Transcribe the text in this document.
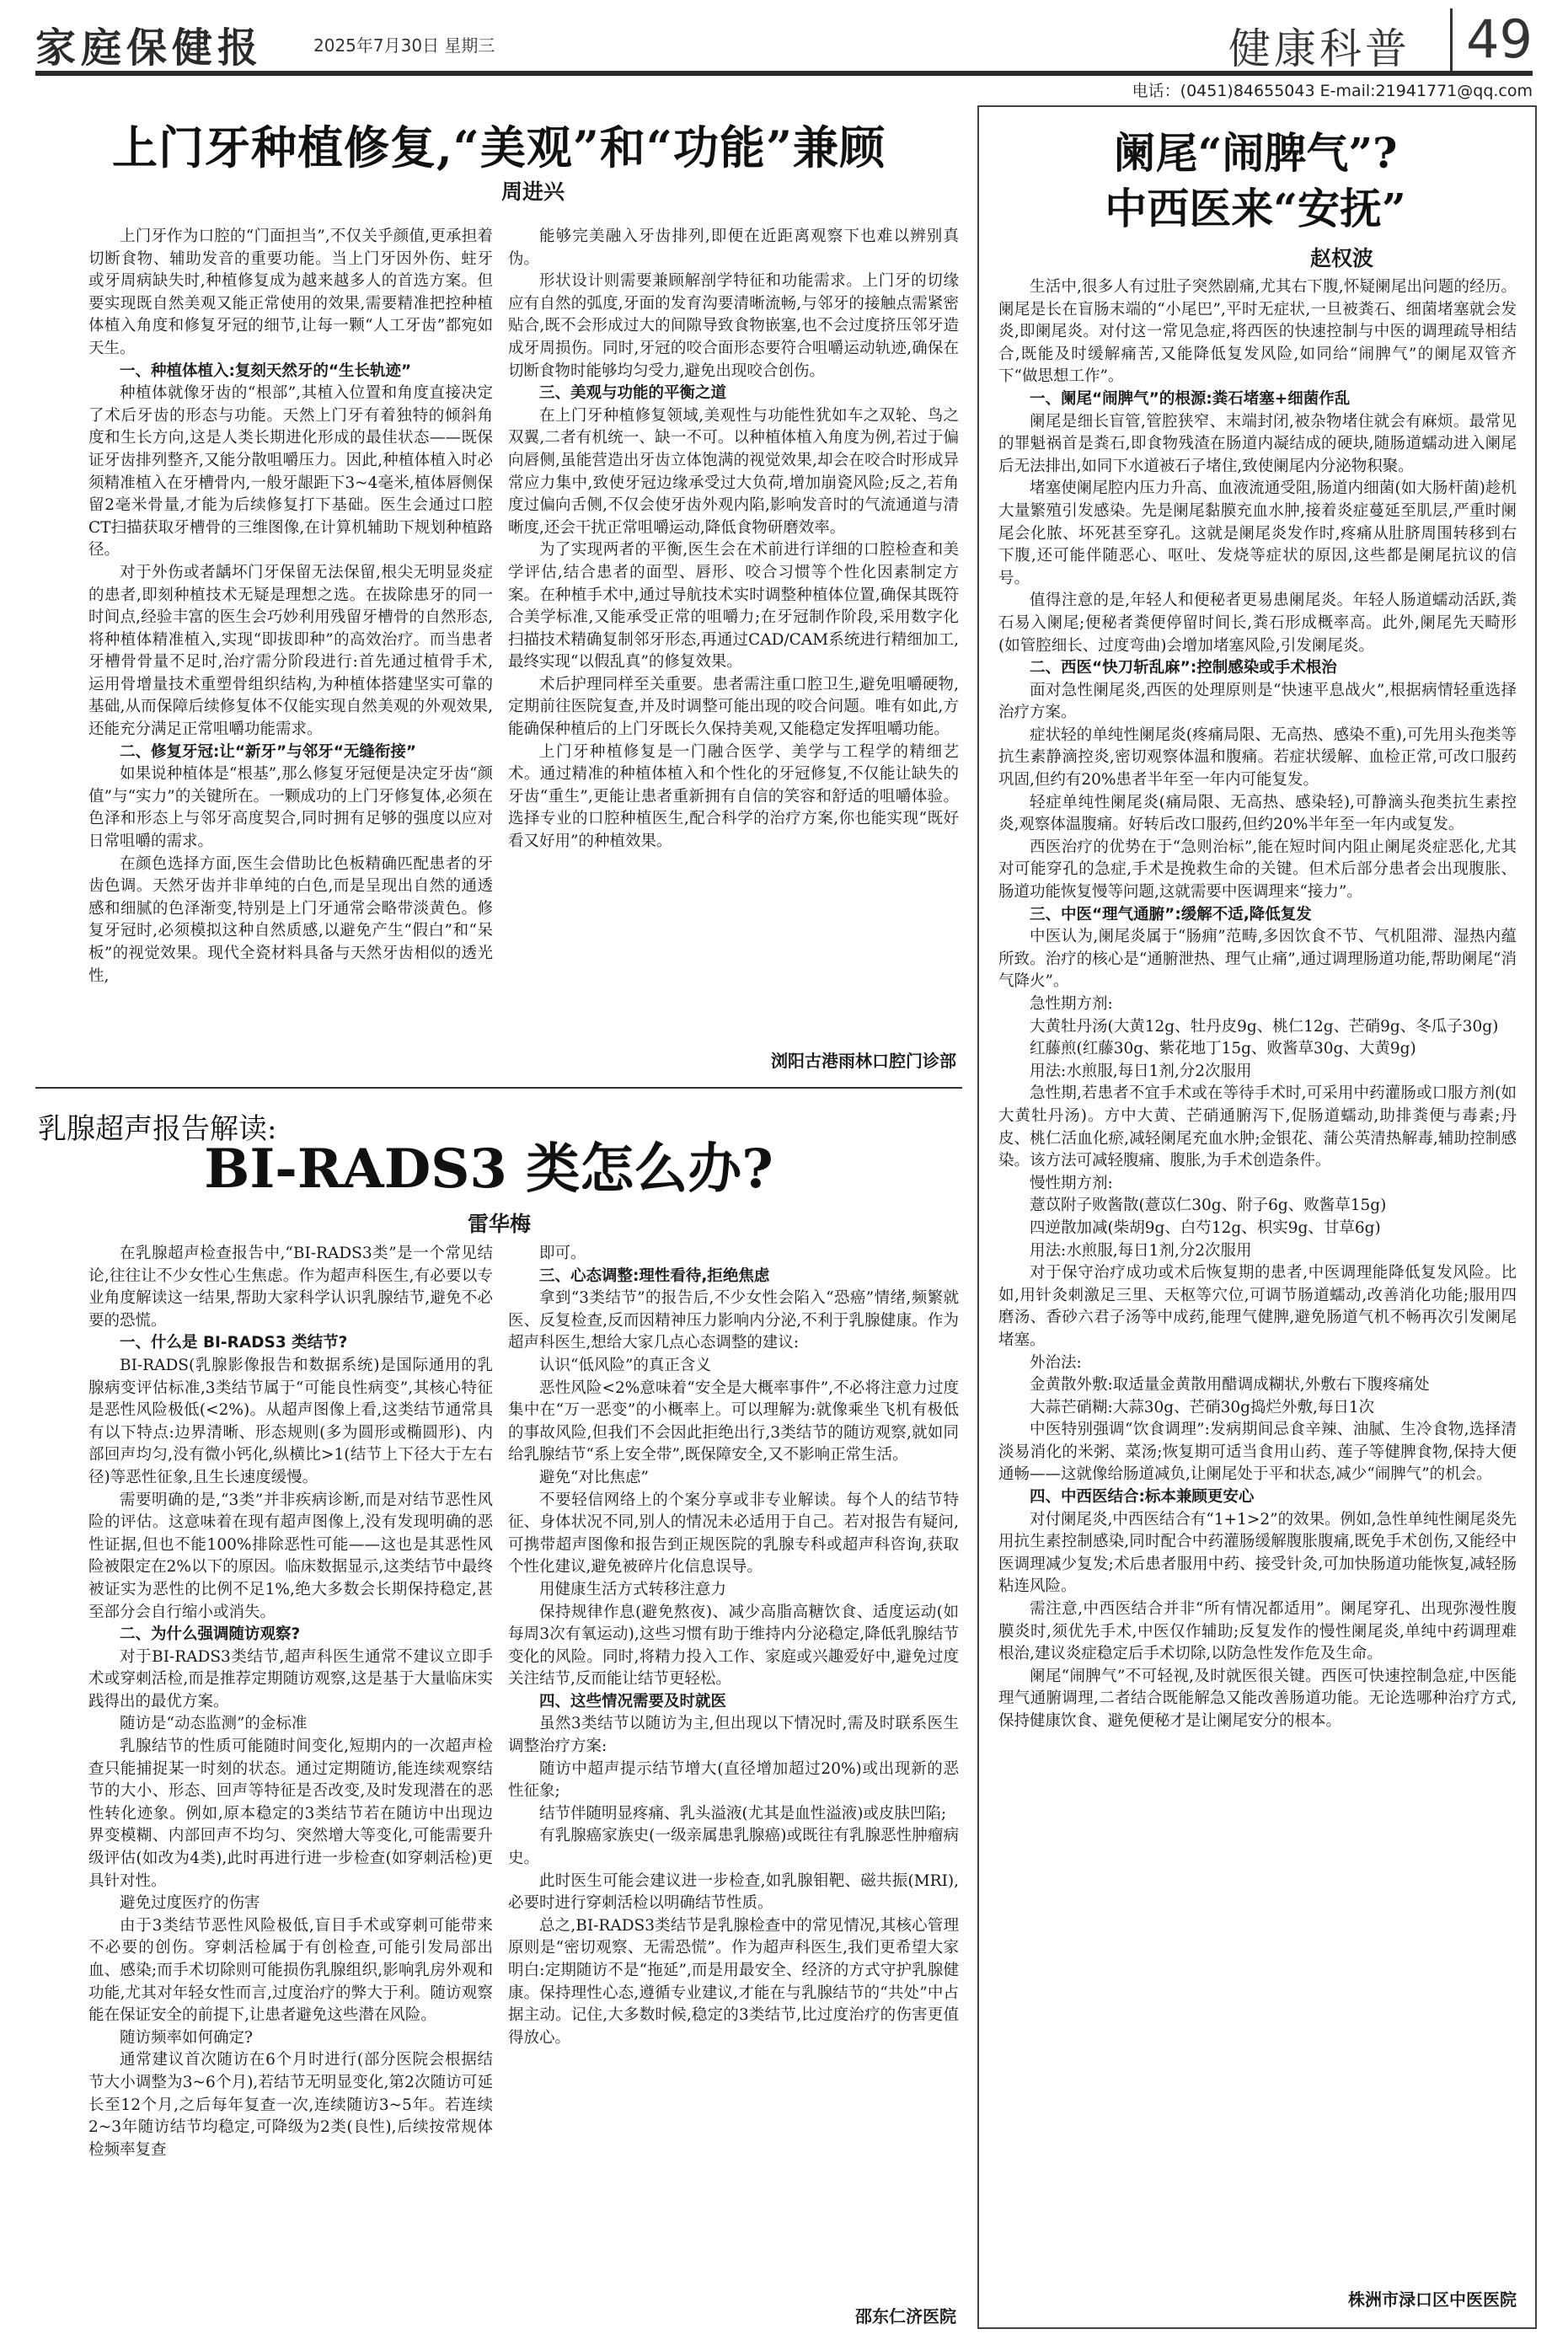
家庭保健报	2025年7月30日 星期三	健康科普	49
电话：(0451)84655043 E-mail:21941771@qq.com
上门牙种植修复,“美观”和“功能”兼顾
周进兴

上门牙作为口腔的“门面担当”,不仅关乎颜值,更承担着切断食物、辅助发音的重要功能。当上门牙因外伤、蛀牙或牙周病缺失时,种植修复成为越来越多人的首选方案。但要实现既自然美观又能正常使用的效果,需要精准把控种植体植入角度和修复牙冠的细节,让每一颗“人工牙齿”都宛如天生。

一、种植体植入:复刻天然牙的“生长轨迹”

种植体就像牙齿的“根部”,其植入位置和角度直接决定了术后牙齿的形态与功能。天然上门牙有着独特的倾斜角度和生长方向,这是人类长期进化形成的最佳状态——既保证牙齿排列整齐,又能分散咀嚼压力。因此,种植体植入时必须精准植入在牙槽骨内,一般牙龈距下3~4毫米,植体唇侧保留2毫米骨量,才能为后续修复打下基础。医生会通过口腔CT扫描获取牙槽骨的三维图像,在计算机辅助下规划种植路径。

对于外伤或者龋坏门牙保留无法保留,根尖无明显炎症的患者,即刻种植技术无疑是理想之选。在拔除患牙的同一时间点,经验丰富的医生会巧妙利用残留牙槽骨的自然形态,将种植体精准植入,实现“即拔即种”的高效治疗。而当患者牙槽骨骨量不足时,治疗需分阶段进行:首先通过植骨手术,运用骨增量技术重塑骨组织结构,为种植体搭建坚实可靠的基础,从而保障后续修复体不仅能实现自然美观的外观效果,还能充分满足正常咀嚼功能需求。

二、修复牙冠:让“新牙”与邻牙“无缝衔接”

如果说种植体是“根基”,那么修复牙冠便是决定牙齿“颜值”与“实力”的关键所在。一颗成功的上门牙修复体,必须在色泽和形态上与邻牙高度契合,同时拥有足够的强度以应对日常咀嚼的需求。

在颜色选择方面,医生会借助比色板精确匹配患者的牙齿色调。天然牙齿并非单纯的白色,而是呈现出自然的通透感和细腻的色泽渐变,特别是上门牙通常会略带淡黄色。修复牙冠时,必须模拟这种自然质感,以避免产生“假白”和“呆板”的视觉效果。现代全瓷材料具备与天然牙齿相似的透光性,

能够完美融入牙齿排列,即便在近距离观察下也难以辨别真伪。

形状设计则需要兼顾解剖学特征和功能需求。上门牙的切缘应有自然的弧度,牙面的发育沟要清晰流畅,与邻牙的接触点需紧密贴合,既不会形成过大的间隙导致食物嵌塞,也不会过度挤压邻牙造成牙周损伤。同时,牙冠的咬合面形态要符合咀嚼运动轨迹,确保在切断食物时能够均匀受力,避免出现咬合创伤。

三、美观与功能的平衡之道

在上门牙种植修复领域,美观性与功能性犹如车之双轮、鸟之双翼,二者有机统一、缺一不可。以种植体植入角度为例,若过于偏向唇侧,虽能营造出牙齿立体饱满的视觉效果,却会在咬合时形成异常应力集中,致使牙冠边缘承受过大负荷,增加崩瓷风险;反之,若角度过偏向舌侧,不仅会使牙齿外观内陷,影响发音时的气流通道与清晰度,还会干扰正常咀嚼运动,降低食物研磨效率。

为了实现两者的平衡,医生会在术前进行详细的口腔检查和美学评估,结合患者的面型、唇形、咬合习惯等个性化因素制定方案。在种植手术中,通过导航技术实时调整种植体位置,确保其既符合美学标准,又能承受正常的咀嚼力;在牙冠制作阶段,采用数字化扫描技术精确复制邻牙形态,再通过CAD/CAM系统进行精细加工,最终实现“以假乱真”的修复效果。

术后护理同样至关重要。患者需注重口腔卫生,避免咀嚼硬物,定期前往医院复查,并及时调整可能出现的咬合问题。唯有如此,方能确保种植后的上门牙既长久保持美观,又能稳定发挥咀嚼功能。

上门牙种植修复是一门融合医学、美学与工程学的精细艺术。通过精准的种植体植入和个性化的牙冠修复,不仅能让缺失的牙齿“重生”,更能让患者重新拥有自信的笑容和舒适的咀嚼体验。选择专业的口腔种植医生,配合科学的治疗方案,你也能实现“既好看又好用”的种植效果。

浏阳古港雨林口腔门诊部
乳腺超声报告解读:
BI-RADS3 类怎么办?
雷华梅

在乳腺超声检查报告中,“BI-RADS3类”是一个常见结论,往往让不少女性心生焦虑。作为超声科医生,有必要以专业角度解读这一结果,帮助大家科学认识乳腺结节,避免不必要的恐慌。

一、什么是 BI-RADS3 类结节?

BI-RADS(乳腺影像报告和数据系统)是国际通用的乳腺病变评估标准,3类结节属于“可能良性病变”,其核心特征是恶性风险极低(<2%)。从超声图像上看,这类结节通常具有以下特点:边界清晰、形态规则(多为圆形或椭圆形)、内部回声均匀,没有微小钙化,纵横比>1(结节上下径大于左右径)等恶性征象,且生长速度缓慢。

需要明确的是,“3类”并非疾病诊断,而是对结节恶性风险的评估。这意味着在现有超声图像上,没有发现明确的恶性证据,但也不能100%排除恶性可能——这也是其恶性风险被限定在2%以下的原因。临床数据显示,这类结节中最终被证实为恶性的比例不足1%,绝大多数会长期保持稳定,甚至部分会自行缩小或消失。

二、为什么强调随访观察?

对于BI-RADS3类结节,超声科医生通常不建议立即手术或穿刺活检,而是推荐定期随访观察,这是基于大量临床实践得出的最优方案。

随访是“动态监测”的金标准

乳腺结节的性质可能随时间变化,短期内的一次超声检查只能捕捉某一时刻的状态。通过定期随访,能连续观察结节的大小、形态、回声等特征是否改变,及时发现潜在的恶性转化迹象。例如,原本稳定的3类结节若在随访中出现边界变模糊、内部回声不均匀、突然增大等变化,可能需要升级评估(如改为4类),此时再进行进一步检查(如穿刺活检)更具针对性。

避免过度医疗的伤害

由于3类结节恶性风险极低,盲目手术或穿刺可能带来不必要的创伤。穿刺活检属于有创检查,可能引发局部出血、感染;而手术切除则可能损伤乳腺组织,影响乳房外观和功能,尤其对年轻女性而言,过度治疗的弊大于利。随访观察能在保证安全的前提下,让患者避免这些潜在风险。

随访频率如何确定?

通常建议首次随访在6个月时进行(部分医院会根据结节大小调整为3~6个月),若结节无明显变化,第2次随访可延长至12个月,之后每年复查一次,连续随访3~5年。若连续2~3年随访结节均稳定,可降级为2类(良性),后续按常规体检频率复查

即可。

三、心态调整:理性看待,拒绝焦虑

拿到“3类结节”的报告后,不少女性会陷入“恐癌”情绪,频繁就医、反复检查,反而因精神压力影响内分泌,不利于乳腺健康。作为超声科医生,想给大家几点心态调整的建议:

认识“低风险”的真正含义

恶性风险<2%意味着“安全是大概率事件”,不必将注意力过度集中在“万一恶变”的小概率上。可以理解为:就像乘坐飞机有极低的事故风险,但我们不会因此拒绝出行,3类结节的随访观察,就如同给乳腺结节“系上安全带”,既保障安全,又不影响正常生活。

避免“对比焦虑”

不要轻信网络上的个案分享或非专业解读。每个人的结节特征、身体状况不同,别人的情况未必适用于自己。若对报告有疑问,可携带超声图像和报告到正规医院的乳腺专科或超声科咨询,获取个性化建议,避免被碎片化信息误导。

用健康生活方式转移注意力

保持规律作息(避免熬夜)、减少高脂高糖饮食、适度运动(如每周3次有氧运动),这些习惯有助于维持内分泌稳定,降低乳腺结节变化的风险。同时,将精力投入工作、家庭或兴趣爱好中,避免过度关注结节,反而能让结节更轻松。

四、这些情况需要及时就医

虽然3类结节以随访为主,但出现以下情况时,需及时联系医生调整治疗方案:

随访中超声提示结节增大(直径增加超过20%)或出现新的恶性征象;

结节伴随明显疼痛、乳头溢液(尤其是血性溢液)或皮肤凹陷;

有乳腺癌家族史(一级亲属患乳腺癌)或既往有乳腺恶性肿瘤病史。

此时医生可能会建议进一步检查,如乳腺钼靶、磁共振(MRI),必要时进行穿刺活检以明确结节性质。

总之,BI-RADS3类结节是乳腺检查中的常见情况,其核心管理原则是“密切观察、无需恐慌”。作为超声科医生,我们更希望大家明白:定期随访不是“拖延”,而是用最安全、经济的方式守护乳腺健康。保持理性心态,遵循专业建议,才能在与乳腺结节的“共处”中占据主动。记住,大多数时候,稳定的3类结节,比过度治疗的伤害更值得放心。

邵东仁济医院
阑尾“闹脾气”?
中西医来“安抚”
赵权波

生活中,很多人有过肚子突然剧痛,尤其右下腹,怀疑阑尾出问题的经历。阑尾是长在盲肠末端的“小尾巴”,平时无症状,一旦被粪石、细菌堵塞就会发炎,即阑尾炎。对付这一常见急症,将西医的快速控制与中医的调理疏导相结合,既能及时缓解痛苦,又能降低复发风险,如同给“闹脾气”的阑尾双管齐下“做思想工作”。

一、阑尾“闹脾气”的根源:粪石堵塞+细菌作乱

阑尾是细长盲管,管腔狭窄、末端封闭,被杂物堵住就会有麻烦。最常见的罪魁祸首是粪石,即食物残渣在肠道内凝结成的硬块,随肠道蠕动进入阑尾后无法排出,如同下水道被石子堵住,致使阑尾内分泌物积聚。

堵塞使阑尾腔内压力升高、血液流通受阻,肠道内细菌(如大肠杆菌)趁机大量繁殖引发感染。先是阑尾黏膜充血水肿,接着炎症蔓延至肌层,严重时阑尾会化脓、坏死甚至穿孔。这就是阑尾炎发作时,疼痛从肚脐周围转移到右下腹,还可能伴随恶心、呕吐、发烧等症状的原因,这些都是阑尾抗议的信号。

值得注意的是,年轻人和便秘者更易患阑尾炎。年轻人肠道蠕动活跃,粪石易入阑尾;便秘者粪便停留时间长,粪石形成概率高。此外,阑尾先天畸形(如管腔细长、过度弯曲)会增加堵塞风险,引发阑尾炎。

二、西医“快刀斩乱麻”:控制感染或手术根治

面对急性阑尾炎,西医的处理原则是“快速平息战火”,根据病情轻重选择治疗方案。

症状轻的单纯性阑尾炎(疼痛局限、无高热、感染不重),可先用头孢类等抗生素静滴控炎,密切观察体温和腹痛。若症状缓解、血检正常,可改口服药巩固,但约有20%患者半年至一年内可能复发。

轻症单纯性阑尾炎(痛局限、无高热、感染轻),可静滴头孢类抗生素控炎,观察体温腹痛。好转后改口服药,但约20%半年至一年内或复发。

西医治疗的优势在于“急则治标”,能在短时间内阻止阑尾炎症恶化,尤其对可能穿孔的急症,手术是挽救生命的关键。但术后部分患者会出现腹胀、肠道功能恢复慢等问题,这就需要中医调理来“接力”。

三、中医“理气通腑”:缓解不适,降低复发

中医认为,阑尾炎属于“肠痈”范畴,多因饮食不节、气机阻滞、湿热内蕴所致。治疗的核心是“通腑泄热、理气止痛”,通过调理肠道功能,帮助阑尾“消气降火”。

急性期方剂:

大黄牡丹汤(大黄12g、牡丹皮9g、桃仁12g、芒硝9g、冬瓜子30g)

红藤煎(红藤30g、紫花地丁15g、败酱草30g、大黄9g)

用法:水煎服,每日1剂,分2次服用

急性期,若患者不宜手术或在等待手术时,可采用中药灌肠或口服方剂(如大黄牡丹汤)。方中大黄、芒硝通腑泻下,促肠道蠕动,助排粪便与毒素;丹皮、桃仁活血化瘀,减轻阑尾充血水肿;金银花、蒲公英清热解毒,辅助控制感染。该方法可减轻腹痛、腹胀,为手术创造条件。

慢性期方剂:

薏苡附子败酱散(薏苡仁30g、附子6g、败酱草15g)

四逆散加减(柴胡9g、白芍12g、枳实9g、甘草6g)

用法:水煎服,每日1剂,分2次服用

对于保守治疗成功或术后恢复期的患者,中医调理能降低复发风险。比如,用针灸刺激足三里、天枢等穴位,可调节肠道蠕动,改善消化功能;服用四磨汤、香砂六君子汤等中成药,能理气健脾,避免肠道气机不畅再次引发阑尾堵塞。

外治法:

金黄散外敷:取适量金黄散用醋调成糊状,外敷右下腹疼痛处

大蒜芒硝糊:大蒜30g、芒硝30g捣烂外敷,每日1次

中医特别强调“饮食调理”:发病期间忌食辛辣、油腻、生冷食物,选择清淡易消化的米粥、菜汤;恢复期可适当食用山药、莲子等健脾食物,保持大便通畅——这就像给肠道减负,让阑尾处于平和状态,减少“闹脾气”的机会。

四、中西医结合:标本兼顾更安心

对付阑尾炎,中西医结合有“1+1>2”的效果。例如,急性单纯性阑尾炎先用抗生素控制感染,同时配合中药灌肠缓解腹胀腹痛,既免手术创伤,又能经中医调理减少复发;术后患者服用中药、接受针灸,可加快肠道功能恢复,减轻肠粘连风险。

需注意,中西医结合并非“所有情况都适用”。阑尾穿孔、出现弥漫性腹膜炎时,须优先手术,中医仅作辅助;反复发作的慢性阑尾炎,单纯中药调理难根治,建议炎症稳定后手术切除,以防急性发作危及生命。

阑尾“闹脾气”不可轻视,及时就医很关键。西医可快速控制急症,中医能理气通腑调理,二者结合既能解急又能改善肠道功能。无论选哪种治疗方式,保持健康饮食、避免便秘才是让阑尾安分的根本。

株洲市渌口区中医医院
